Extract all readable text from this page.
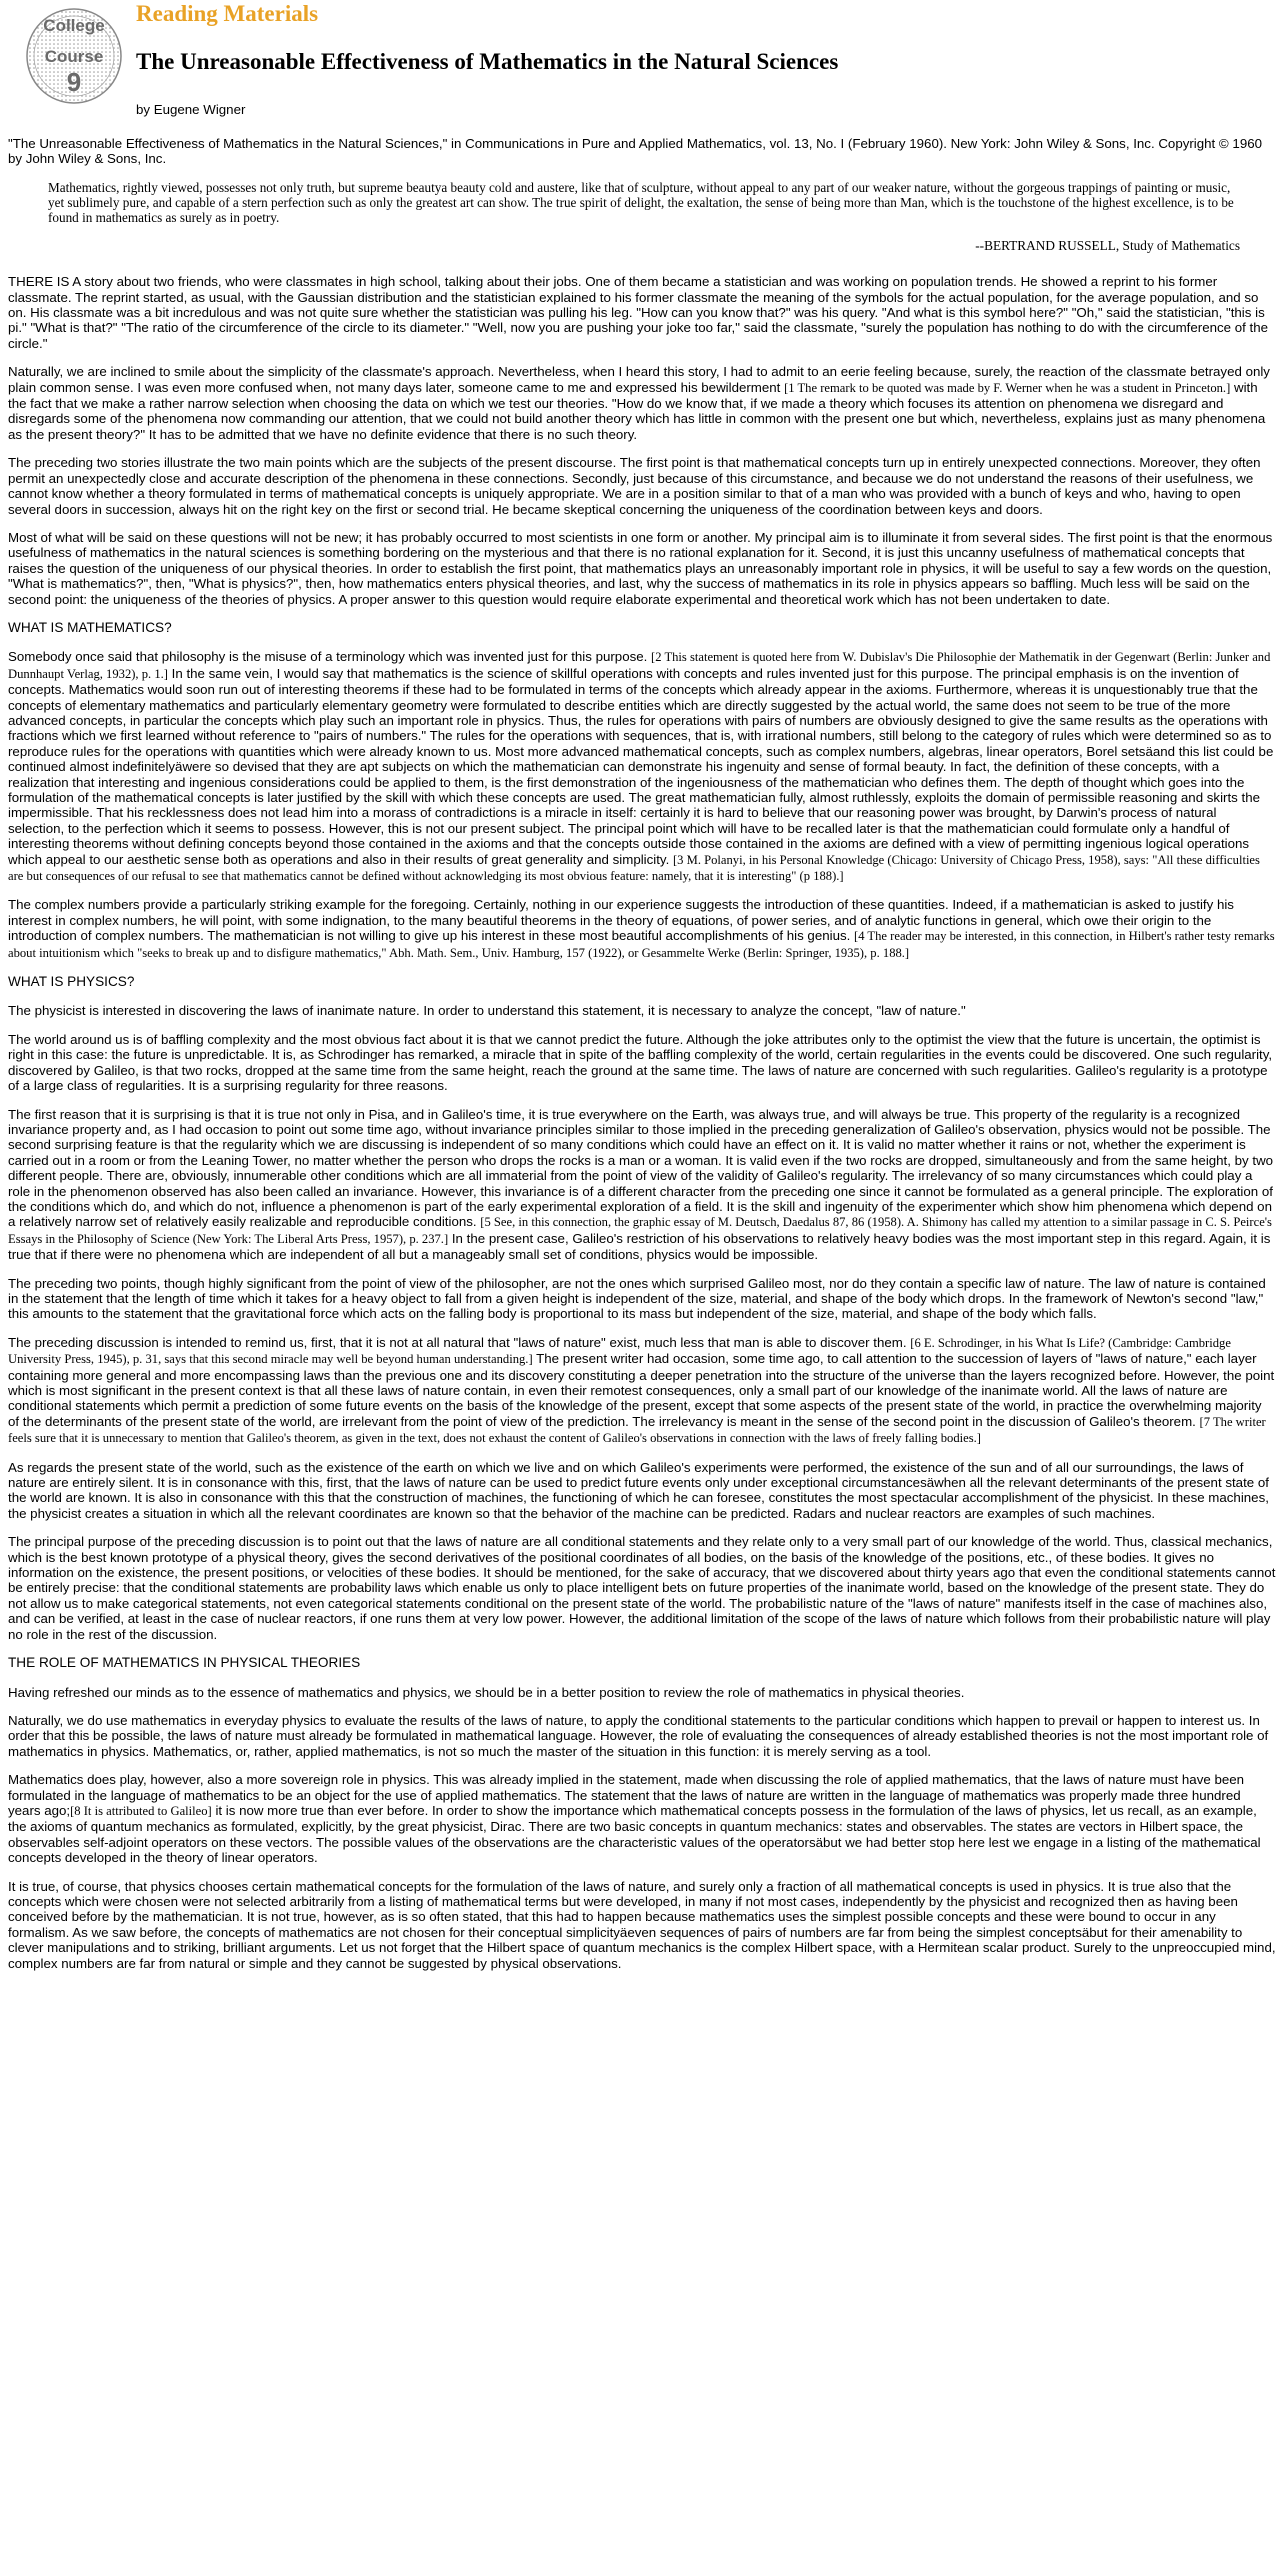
College
Course
9
Reading Materials
The Unreasonable Effectiveness of Mathematics in the Natural Sciences
by Eugene Wigner

"The Unreasonable Effectiveness of Mathematics in the Natural Sciences," in Communications in Pure and Applied Mathematics, vol. 13, No. I (February 1960). New York: John Wiley & Sons, Inc. Copyright © 1960 by John Wiley & Sons, Inc.

Mathematics, rightly viewed, possesses not only truth, but supreme beautya beauty cold and austere, like that of sculpture, without appeal to any part of our weaker nature, without the gorgeous trappings of painting or music, yet sublimely pure, and capable of a stern perfection such as only the greatest art can show. The true spirit of delight, the exaltation, the sense of being more than Man, which is the touchstone of the highest excellence, is to be found in mathematics as surely as in poetry.
--BERTRAND RUSSELL, Study of Mathematics

THERE IS A story about two friends, who were classmates in high school, talking about their jobs. One of them became a statistician and was working on population trends. He showed a reprint to his former classmate. The reprint started, as usual, with the Gaussian distribution and the statistician explained to his former classmate the meaning of the symbols for the actual population, for the average population, and so on. His classmate was a bit incredulous and was not quite sure whether the statistician was pulling his leg. "How can you know that?" was his query. "And what is this symbol here?" "Oh," said the statistician, "this is pi." "What is that?" "The ratio of the circumference of the circle to its diameter." "Well, now you are pushing your joke too far," said the classmate, "surely the population has nothing to do with the circumference of the circle."

Naturally, we are inclined to smile about the simplicity of the classmate's approach. Nevertheless, when I heard this story, I had to admit to an eerie feeling because, surely, the reaction of the classmate betrayed only plain common sense. I was even more confused when, not many days later, someone came to me and expressed his bewilderment [1 The remark to be quoted was made by F. Werner when he was a student in Princeton.] with the fact that we make a rather narrow selection when choosing the data on which we test our theories. "How do we know that, if we made a theory which focuses its attention on phenomena we disregard and disregards some of the phenomena now commanding our attention, that we could not build another theory which has little in common with the present one but which, nevertheless, explains just as many phenomena as the present theory?" It has to be admitted that we have no definite evidence that there is no such theory.

The preceding two stories illustrate the two main points which are the subjects of the present discourse. The first point is that mathematical concepts turn up in entirely unexpected connections. Moreover, they often permit an unexpectedly close and accurate description of the phenomena in these connections. Secondly, just because of this circumstance, and because we do not understand the reasons of their usefulness, we cannot know whether a theory formulated in terms of mathematical concepts is uniquely appropriate. We are in a position similar to that of a man who was provided with a bunch of keys and who, having to open several doors in succession, always hit on the right key on the first or second trial. He became skeptical concerning the uniqueness of the coordination between keys and doors.

Most of what will be said on these questions will not be new; it has probably occurred to most scientists in one form or another. My principal aim is to illuminate it from several sides. The first point is that the enormous usefulness of mathematics in the natural sciences is something bordering on the mysterious and that there is no rational explanation for it. Second, it is just this uncanny usefulness of mathematical concepts that raises the question of the uniqueness of our physical theories. In order to establish the first point, that mathematics plays an unreasonably important role in physics, it will be useful to say a few words on the question, "What is mathematics?", then, "What is physics?", then, how mathematics enters physical theories, and last, why the success of mathematics in its role in physics appears so baffling. Much less will be said on the second point: the uniqueness of the theories of physics. A proper answer to this question would require elaborate experimental and theoretical work which has not been undertaken to date.

WHAT IS MATHEMATICS?

Somebody once said that philosophy is the misuse of a terminology which was invented just for this purpose. [2 This statement is quoted here from W. Dubislav's Die Philosophie der Mathematik in der Gegenwart (Berlin: Junker and Dunnhaupt Verlag, 1932), p. 1.] In the same vein, I would say that mathematics is the science of skillful operations with concepts and rules invented just for this purpose. The principal emphasis is on the invention of concepts. Mathematics would soon run out of interesting theorems if these had to be formulated in terms of the concepts which already appear in the axioms. Furthermore, whereas it is unquestionably true that the concepts of elementary mathematics and particularly elementary geometry were formulated to describe entities which are directly suggested by the actual world, the same does not seem to be true of the more advanced concepts, in particular the concepts which play such an important role in physics. Thus, the rules for operations with pairs of numbers are obviously designed to give the same results as the operations with fractions which we first learned without reference to "pairs of numbers." The rules for the operations with sequences, that is, with irrational numbers, still belong to the category of rules which were determined so as to reproduce rules for the operations with quantities which were already known to us. Most more advanced mathematical concepts, such as complex numbers, algebras, linear operators, Borel setsäand this list could be continued almost indefinitelyäwere so devised that they are apt subjects on which the mathematician can demonstrate his ingenuity and sense of formal beauty. In fact, the definition of these concepts, with a realization that interesting and ingenious considerations could be applied to them, is the first demonstration of the ingeniousness of the mathematician who defines them. The depth of thought which goes into the formulation of the mathematical concepts is later justified by the skill with which these concepts are used. The great mathematician fully, almost ruthlessly, exploits the domain of permissible reasoning and skirts the impermissible. That his recklessness does not lead him into a morass of contradictions is a miracle in itself: certainly it is hard to believe that our reasoning power was brought, by Darwin's process of natural selection, to the perfection which it seems to possess. However, this is not our present subject. The principal point which will have to be recalled later is that the mathematician could formulate only a handful of interesting theorems without defining concepts beyond those contained in the axioms and that the concepts outside those contained in the axioms are defined with a view of permitting ingenious logical operations which appeal to our aesthetic sense both as operations and also in their results of great generality and simplicity. [3 M. Polanyi, in his Personal Knowledge (Chicago: University of Chicago Press, 1958), says: "All these difficulties are but consequences of our refusal to see that mathematics cannot be defined without acknowledging its most obvious feature: namely, that it is interesting" (p 188).]

The complex numbers provide a particularly striking example for the foregoing. Certainly, nothing in our experience suggests the introduction of these quantities. Indeed, if a mathematician is asked to justify his interest in complex numbers, he will point, with some indignation, to the many beautiful theorems in the theory of equations, of power series, and of analytic functions in general, which owe their origin to the introduction of complex numbers. The mathematician is not willing to give up his interest in these most beautiful accomplishments of his genius. [4 The reader may be interested, in this connection, in Hilbert's rather testy remarks about intuitionism which "seeks to break up and to disfigure mathematics," Abh. Math. Sem., Univ. Hamburg, 157 (1922), or Gesammelte Werke (Berlin: Springer, 1935), p. 188.]

WHAT IS PHYSICS?

The physicist is interested in discovering the laws of inanimate nature. In order to understand this statement, it is necessary to analyze the concept, "law of nature."

The world around us is of baffling complexity and the most obvious fact about it is that we cannot predict the future. Although the joke attributes only to the optimist the view that the future is uncertain, the optimist is right in this case: the future is unpredictable. It is, as Schrodinger has remarked, a miracle that in spite of the baffling complexity of the world, certain regularities in the events could be discovered. One such regularity, discovered by Galileo, is that two rocks, dropped at the same time from the same height, reach the ground at the same time. The laws of nature are concerned with such regularities. Galileo's regularity is a prototype of a large class of regularities. It is a surprising regularity for three reasons.

The first reason that it is surprising is that it is true not only in Pisa, and in Galileo's time, it is true everywhere on the Earth, was always true, and will always be true. This property of the regularity is a recognized invariance property and, as I had occasion to point out some time ago, without invariance principles similar to those implied in the preceding generalization of Galileo's observation, physics would not be possible. The second surprising feature is that the regularity which we are discussing is independent of so many conditions which could have an effect on it. It is valid no matter whether it rains or not, whether the experiment is carried out in a room or from the Leaning Tower, no matter whether the person who drops the rocks is a man or a woman. It is valid even if the two rocks are dropped, simultaneously and from the same height, by two different people. There are, obviously, innumerable other conditions which are all immaterial from the point of view of the validity of Galileo's regularity. The irrelevancy of so many circumstances which could play a role in the phenomenon observed has also been called an invariance. However, this invariance is of a different character from the preceding one since it cannot be formulated as a general principle. The exploration of the conditions which do, and which do not, influence a phenomenon is part of the early experimental exploration of a field. It is the skill and ingenuity of the experimenter which show him phenomena which depend on a relatively narrow set of relatively easily realizable and reproducible conditions. [5 See, in this connection, the graphic essay of M. Deutsch, Daedalus 87, 86 (1958). A. Shimony has called my attention to a similar passage in C. S. Peirce's Essays in the Philosophy of Science (New York: The Liberal Arts Press, 1957), p. 237.] In the present case, Galileo's restriction of his observations to relatively heavy bodies was the most important step in this regard. Again, it is true that if there were no phenomena which are independent of all but a manageably small set of conditions, physics would be impossible.

The preceding two points, though highly significant from the point of view of the philosopher, are not the ones which surprised Galileo most, nor do they contain a specific law of nature. The law of nature is contained in the statement that the length of time which it takes for a heavy object to fall from a given height is independent of the size, material, and shape of the body which drops. In the framework of Newton's second "law," this amounts to the statement that the gravitational force which acts on the falling body is proportional to its mass but independent of the size, material, and shape of the body which falls.

The preceding discussion is intended to remind us, first, that it is not at all natural that "laws of nature" exist, much less that man is able to discover them. [6 E. Schrodinger, in his What Is Life? (Cambridge: Cambridge University Press, 1945), p. 31, says that this second miracle may well be beyond human understanding.] The present writer had occasion, some time ago, to call attention to the succession of layers of "laws of nature," each layer containing more general and more encompassing laws than the previous one and its discovery constituting a deeper penetration into the structure of the universe than the layers recognized before. However, the point which is most significant in the present context is that all these laws of nature contain, in even their remotest consequences, only a small part of our knowledge of the inanimate world. All the laws of nature are conditional statements which permit a prediction of some future events on the basis of the knowledge of the present, except that some aspects of the present state of the world, in practice the overwhelming majority of the determinants of the present state of the world, are irrelevant from the point of view of the prediction. The irrelevancy is meant in the sense of the second point in the discussion of Galileo's theorem. [7 The writer feels sure that it is unnecessary to mention that Galileo's theorem, as given in the text, does not exhaust the content of Galileo's observations in connection with the laws of freely falling bodies.]

As regards the present state of the world, such as the existence of the earth on which we live and on which Galileo's experiments were performed, the existence of the sun and of all our surroundings, the laws of nature are entirely silent. It is in consonance with this, first, that the laws of nature can be used to predict future events only under exceptional circumstancesäwhen all the relevant determinants of the present state of the world are known. It is also in consonance with this that the construction of machines, the functioning of which he can foresee, constitutes the most spectacular accomplishment of the physicist. In these machines, the physicist creates a situation in which all the relevant coordinates are known so that the behavior of the machine can be predicted. Radars and nuclear reactors are examples of such machines.

The principal purpose of the preceding discussion is to point out that the laws of nature are all conditional statements and they relate only to a very small part of our knowledge of the world. Thus, classical mechanics, which is the best known prototype of a physical theory, gives the second derivatives of the positional coordinates of all bodies, on the basis of the knowledge of the positions, etc., of these bodies. It gives no information on the existence, the present positions, or velocities of these bodies. It should be mentioned, for the sake of accuracy, that we discovered about thirty years ago that even the conditional statements cannot be entirely precise: that the conditional statements are probability laws which enable us only to place intelligent bets on future properties of the inanimate world, based on the knowledge of the present state. They do not allow us to make categorical statements, not even categorical statements conditional on the present state of the world. The probabilistic nature of the "laws of nature" manifests itself in the case of machines also, and can be verified, at least in the case of nuclear reactors, if one runs them at very low power. However, the additional limitation of the scope of the laws of nature which follows from their probabilistic nature will play no role in the rest of the discussion.

THE ROLE OF MATHEMATICS IN PHYSICAL THEORIES

Having refreshed our minds as to the essence of mathematics and physics, we should be in a better position to review the role of mathematics in physical theories.

Naturally, we do use mathematics in everyday physics to evaluate the results of the laws of nature, to apply the conditional statements to the particular conditions which happen to prevail or happen to interest us. In order that this be possible, the laws of nature must already be formulated in mathematical language. However, the role of evaluating the consequences of already established theories is not the most important role of mathematics in physics. Mathematics, or, rather, applied mathematics, is not so much the master of the situation in this function: it is merely serving as a tool.

Mathematics does play, however, also a more sovereign role in physics. This was already implied in the statement, made when discussing the role of applied mathematics, that the laws of nature must have been formulated in the language of mathematics to be an object for the use of applied mathematics. The statement that the laws of nature are written in the language of mathematics was properly made three hundred years ago;[8 It is attributed to Galileo] it is now more true than ever before. In order to show the importance which mathematical concepts possess in the formulation of the laws of physics, let us recall, as an example, the axioms of quantum mechanics as formulated, explicitly, by the great physicist, Dirac. There are two basic concepts in quantum mechanics: states and observables. The states are vectors in Hilbert space, the observables self-adjoint operators on these vectors. The possible values of the observations are the characteristic values of the operatorsäbut we had better stop here lest we engage in a listing of the mathematical concepts developed in the theory of linear operators.

It is true, of course, that physics chooses certain mathematical concepts for the formulation of the laws of nature, and surely only a fraction of all mathematical concepts is used in physics. It is true also that the concepts which were chosen were not selected arbitrarily from a listing of mathematical terms but were developed, in many if not most cases, independently by the physicist and recognized then as having been conceived before by the mathematician. It is not true, however, as is so often stated, that this had to happen because mathematics uses the simplest possible concepts and these were bound to occur in any formalism. As we saw before, the concepts of mathematics are not chosen for their conceptual simplicityäeven sequences of pairs of numbers are far from being the simplest conceptsäbut for their amenability to clever manipulations and to striking, brilliant arguments. Let us not forget that the Hilbert space of quantum mechanics is the complex Hilbert space, with a Hermitean scalar product. Surely to the unpreoccupied mind, complex numbers are far from natural or simple and they cannot be suggested by physical observations.
